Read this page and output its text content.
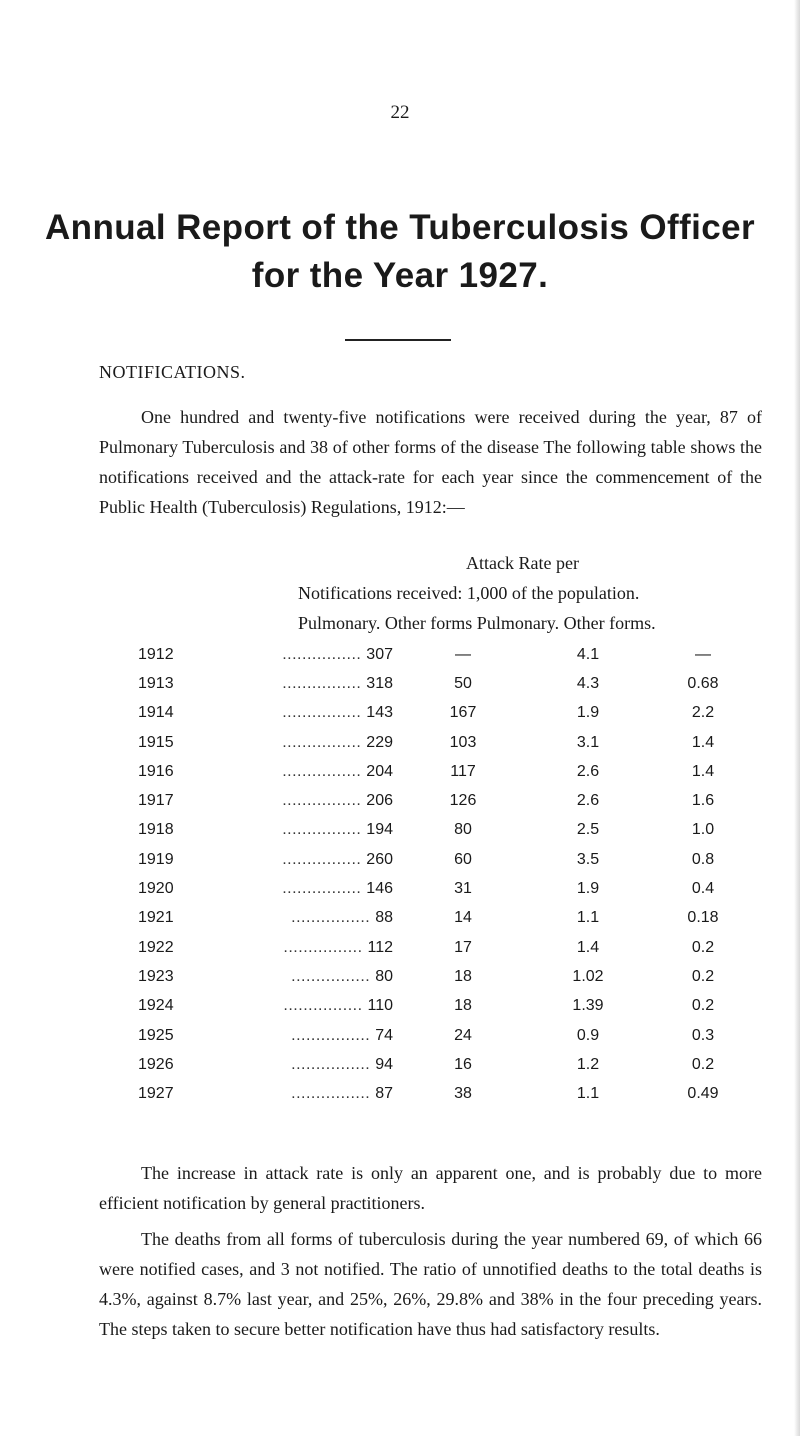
22
Annual Report of the Tuberculosis Officer
for the Year 1927.
NOTIFICATIONS.

One hundred and twenty-five notifications were received during the year, 87 of Pulmonary Tuberculosis and 38 of other forms of the disease The following table shows the notifications received and the attack-rate for each year since the commencement of the Public Health (Tuberculosis) Regulations, 1912:—

Attack Rate per
Notifications received: 1,000 of the population.
Pulmonary. Other forms Pulmonary. Other forms.
1912	................ 307	—	4.1	—
1913	................ 318	50	4.3	0.68
1914	................ 143	167	1.9	2.2
1915	................ 229	103	3.1	1.4
1916	................ 204	117	2.6	1.4
1917	................ 206	126	2.6	1.6
1918	................ 194	80	2.5	1.0
1919	................ 260	60	3.5	0.8
1920	................ 146	31	1.9	0.4
1921	................ 88	14	1.1	0.18
1922	................ 112	17	1.4	0.2
1923	................ 80	18	1.02	0.2
1924	................ 110	18	1.39	0.2
1925	................ 74	24	0.9	0.3
1926	................ 94	16	1.2	0.2
1927	................ 87	38	1.1	0.49

The increase in attack rate is only an apparent one, and is probably due to more efficient notification by general practitioners.

The deaths from all forms of tuberculosis during the year numbered 69, of which 66 were notified cases, and 3 not notified. The ratio of unnotified deaths to the total deaths is 4.3%, against 8.7% last year, and 25%, 26%, 29.8% and 38% in the four preceding years. The steps taken to secure better notification have thus had satisfactory results.
